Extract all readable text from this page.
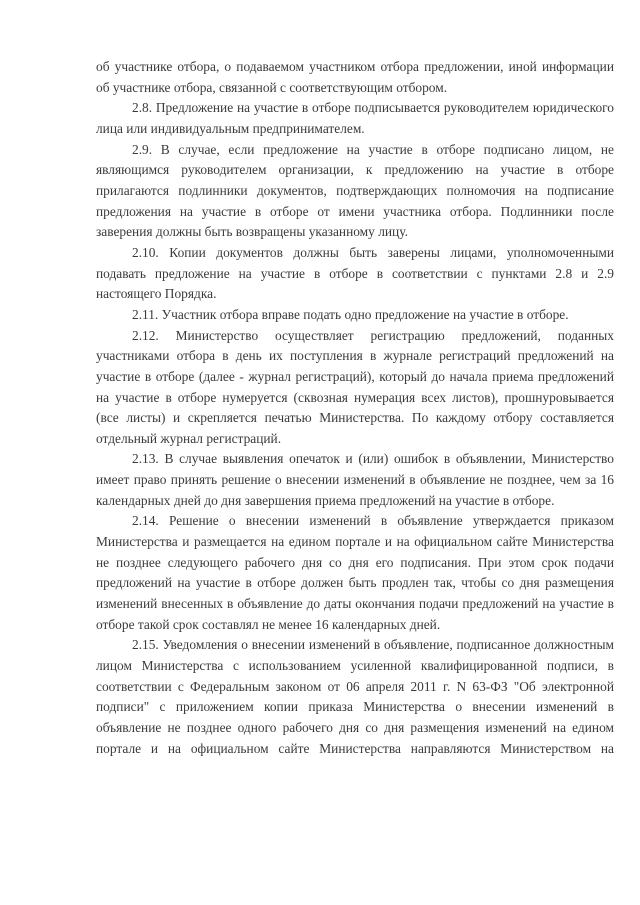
об участнике отбора, о подаваемом участником отбора предложении, иной информации об участнике отбора, связанной с соответствующим отбором.

2.8. Предложение на участие в отборе подписывается руководителем юридического лица или индивидуальным предпринимателем.

2.9. В случае, если предложение на участие в отборе подписано лицом, не являющимся руководителем организации, к предложению на участие в отборе прилагаются подлинники документов, подтверждающих полномочия на подписание предложения на участие в отборе от имени участника отбора. Подлинники после заверения должны быть возвращены указанному лицу.

2.10. Копии документов должны быть заверены лицами, уполномоченными подавать предложение на участие в отборе в соответствии с пунктами 2.8 и 2.9 настоящего Порядка.

2.11. Участник отбора вправе подать одно предложение на участие в отборе.

2.12. Министерство осуществляет регистрацию предложений, поданных участниками отбора в день их поступления в журнале регистраций предложений на участие в отборе (далее - журнал регистраций), который до начала приема предложений на участие в отборе нумеруется (сквозная нумерация всех листов), прошнуровывается (все листы) и скрепляется печатью Министерства. По каждому отбору составляется отдельный журнал регистраций.

2.13. В случае выявления опечаток и (или) ошибок в объявлении, Министерство имеет право принять решение о внесении изменений в объявление не позднее, чем за 16 календарных дней до дня завершения приема предложений на участие в отборе.

2.14. Решение о внесении изменений в объявление утверждается приказом Министерства и размещается на едином портале и на официальном сайте Министерства не позднее следующего рабочего дня со дня его подписания. При этом срок подачи предложений на участие в отборе должен быть продлен так, чтобы со дня размещения изменений внесенных в объявление до даты окончания подачи предложений на участие в отборе такой срок составлял не менее 16 календарных дней.

2.15. Уведомления о внесении изменений в объявление, подписанное должностным лицом Министерства с использованием усиленной квалифицированной подписи, в соответствии с Федеральным законом от 06 апреля 2011 г. N 63-ФЗ "Об электронной подписи" с приложением копии приказа Министерства о внесении изменений в объявление не позднее одного рабочего дня со дня размещения изменений на едином портале и на официальном сайте Министерства направляются Министерством на
